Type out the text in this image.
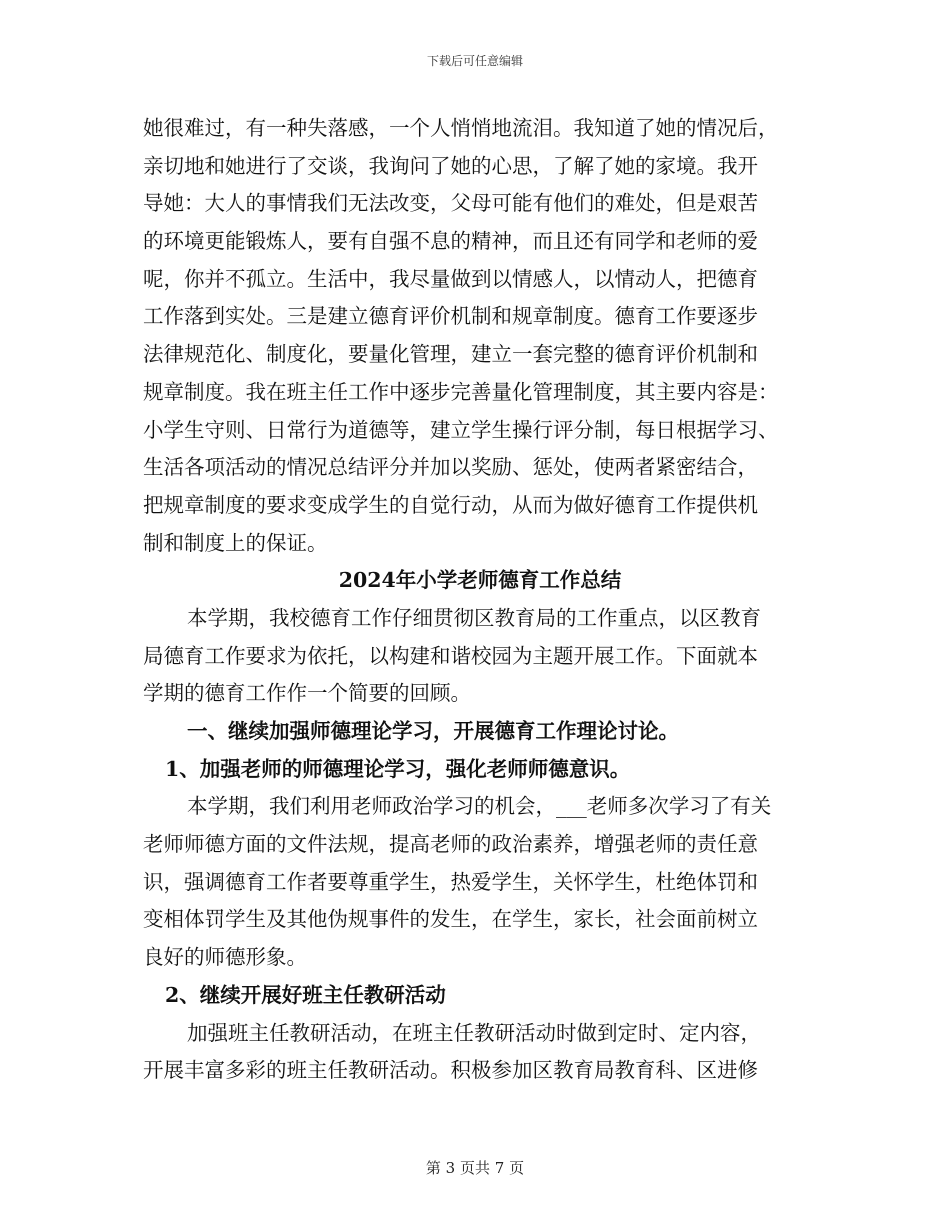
下载后可任意编辑
她很难过，有一种失落感，一个人悄悄地流泪。我知道了她的情况后，
亲切地和她进行了交谈，我询问了她的心思，了解了她的家境。我开
导她：大人的事情我们无法改变，父母可能有他们的难处，但是艰苦
的环境更能锻炼人，要有自强不息的精神，而且还有同学和老师的爱
呢，你并不孤立。生活中，我尽量做到以情感人，以情动人，把德育
工作落到实处。三是建立德育评价机制和规章制度。德育工作要逐步
法律规范化、制度化，要量化管理，建立一套完整的德育评价机制和
规章制度。我在班主任工作中逐步完善量化管理制度，其主要内容是：
小学生守则、日常行为道德等，建立学生操行评分制，每日根据学习、
生活各项活动的情况总结评分并加以奖励、惩处，使两者紧密结合，
把规章制度的要求变成学生的自觉行动，从而为做好德育工作提供机
制和制度上的保证。
2024年小学老师德育工作总结
本学期，我校德育工作仔细贯彻区教育局的工作重点，以区教育
局德育工作要求为依托，以构建和谐校园为主题开展工作。下面就本
学期的德育工作作一个简要的回顾。
一、继续加强师德理论学习，开展德育工作理论讨论。
1、加强老师的师德理论学习，强化老师师德意识。
本学期，我们利用老师政治学习的机会，___老师多次学习了有关
老师师德方面的文件法规，提高老师的政治素养，增强老师的责任意
识，强调德育工作者要尊重学生，热爱学生，关怀学生，杜绝体罚和
变相体罚学生及其他伪规事件的发生，在学生，家长，社会面前树立
良好的师德形象。
2、继续开展好班主任教研活动
加强班主任教研活动，在班主任教研活动时做到定时、定内容，
开展丰富多彩的班主任教研活动。积极参加区教育局教育科、区进修
第 3 页共 7 页
